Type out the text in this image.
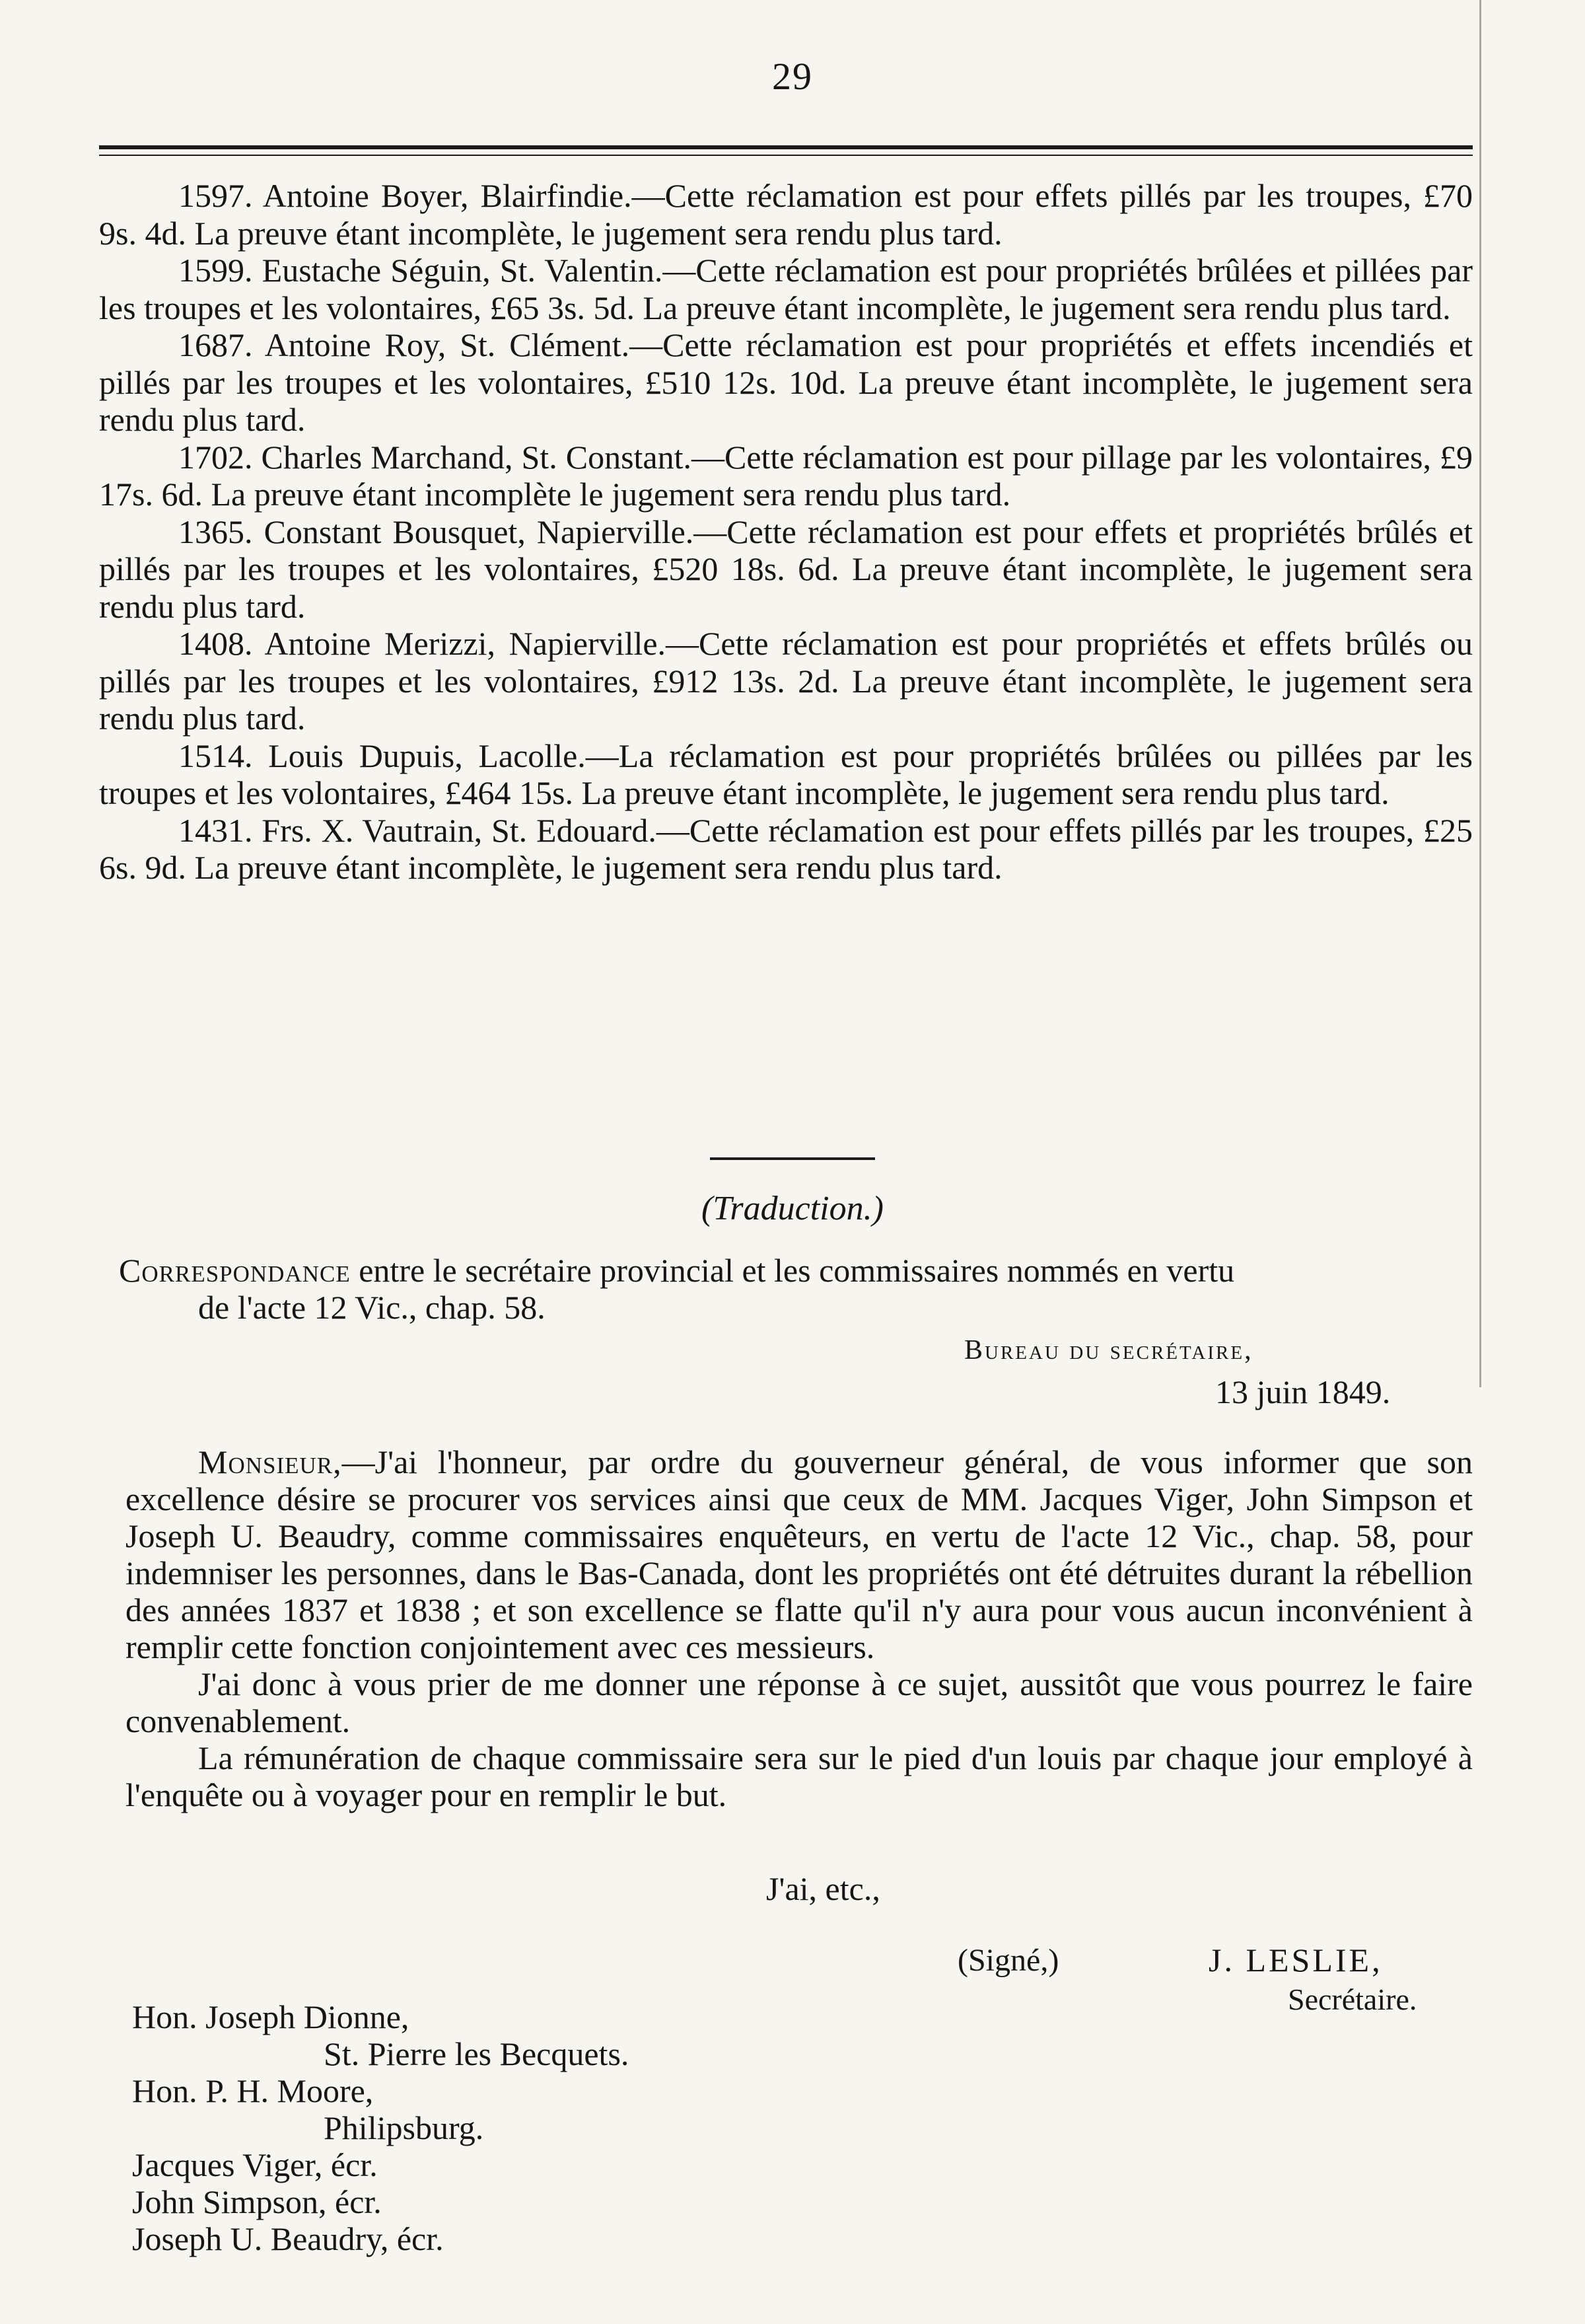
29

1597. Antoine Boyer, Blairfindie.—Cette réclamation est pour effets pillés par les troupes, £70 9s. 4d. La preuve étant incomplète, le jugement sera rendu plus tard.

1599. Eustache Séguin, St. Valentin.—Cette réclamation est pour propriétés brûlées et pillées par les troupes et les volontaires, £65 3s. 5d. La preuve étant incomplète, le jugement sera rendu plus tard.

1687. Antoine Roy, St. Clément.—Cette réclamation est pour propriétés et effets incendiés et pillés par les troupes et les volontaires, £510 12s. 10d. La preuve étant incomplète, le jugement sera rendu plus tard.

1702. Charles Marchand, St. Constant.—Cette réclamation est pour pillage par les volontaires, £9 17s. 6d. La preuve étant incomplète le jugement sera rendu plus tard.

1365. Constant Bousquet, Napierville.—Cette réclamation est pour effets et propriétés brûlés et pillés par les troupes et les volontaires, £520 18s. 6d. La preuve étant incomplète, le jugement sera rendu plus tard.

1408. Antoine Merizzi, Napierville.—Cette réclamation est pour propriétés et effets brûlés ou pillés par les troupes et les volontaires, £912 13s. 2d. La preuve étant incomplète, le jugement sera rendu plus tard.

1514. Louis Dupuis, Lacolle.—La réclamation est pour propriétés brûlées ou pillées par les troupes et les volontaires, £464 15s. La preuve étant incomplète, le jugement sera rendu plus tard.

1431. Frs. X. Vautrain, St. Edouard.—Cette réclamation est pour effets pillés par les troupes, £25 6s. 9d. La preuve étant incomplète, le jugement sera rendu plus tard.

(Traduction.)
Correspondance entre le secrétaire provincial et les commissaires nommés en vertu
de l'acte 12 Vic., chap. 58.
Bureau du secrétaire,
13 juin 1849.

Monsieur,—J'ai l'honneur, par ordre du gouverneur général, de vous informer que son excellence désire se procurer vos services ainsi que ceux de MM. Jacques Viger, John Simpson et Joseph U. Beaudry, comme commissaires enquêteurs, en vertu de l'acte 12 Vic., chap. 58, pour indemniser les personnes, dans le Bas-Canada, dont les propriétés ont été détruites durant la rébellion des années 1837 et 1838 ; et son excellence se flatte qu'il n'y aura pour vous aucun inconvénient à remplir cette fonction conjointement avec ces messieurs.

J'ai donc à vous prier de me donner une réponse à ce sujet, aussitôt que vous pourrez le faire convenablement.

La rémunération de chaque commissaire sera sur le pied d'un louis par chaque jour employé à l'enquête ou à voyager pour en remplir le but.

J'ai, etc.,
(Signé,)	J. LESLIE,
Secrétaire.
Hon. Joseph Dionne,
St. Pierre les Becquets.
Hon. P. H. Moore,
Philipsburg.
Jacques Viger, écr.
John Simpson, écr.
Joseph U. Beaudry, écr.
